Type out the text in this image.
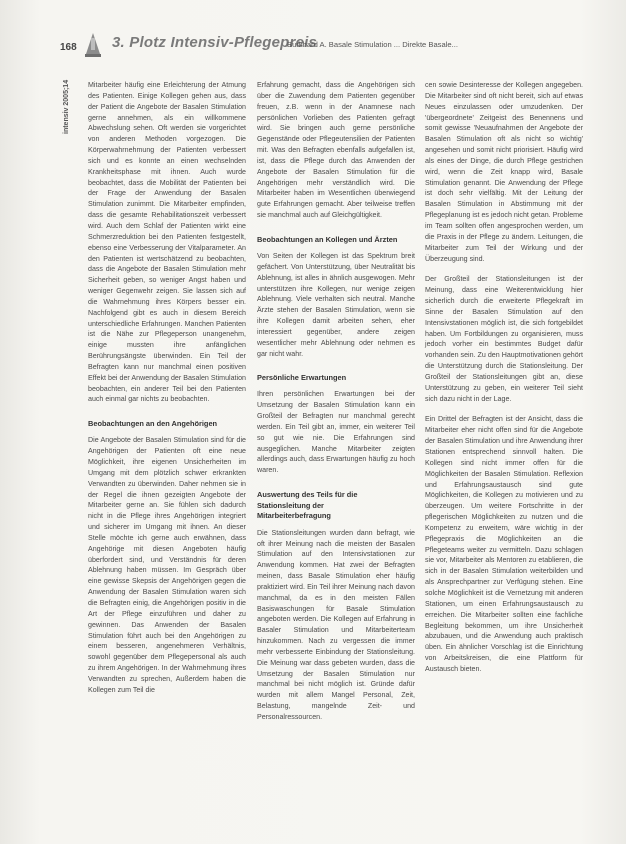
168 3. Plotz Intensiv-Pflegepreis
Burkhard A. Basale Stimulation ... Direkte Basale...
intensiv 2005;14	Mitarbeiter häufig eine Erleichterung der Atmung des Patienten. Einige Kollegen gehen aus, dass der Patient die Angebote der Basalen Stimulation gerne annehmen, als ein willkommene Abwechslung sehen. Oft werden sie vorgerichtet von anderen Methoden vorgezogen. Die Körperwahrnehmung der Patienten verbessert sich und es konnte an einen wechselnden Krankheitsphase mit ihnen. Auch wurde beobachtet, dass die Mobilität der Patienten bei der Frage der Anwendung der Basalen Stimulation zunimmt. Die Mitarbeiter empfinden, dass die gesamte Rehabilitationszeit verbessert wird. Auch dem Schlaf der Patienten wirkt eine Schmerzreduktion bei den Patienten festgestellt, ebenso eine Verbesserung der Vitalparameter. An den Patienten ist wertschätzend zu beobachten, dass die Angebote der Basalen Stimulation mehr Sicherheit geben, so weniger Angst haben und weniger Gegenwehr zeigen. Sie lassen sich auf die Wahrnehmung ihres Körpers besser ein. Nachfolgend gibt es auch in diesem Bereich unterschiedliche Erfahrungen. Manchen Patienten ist die Nähe zur Pflegeperson unangenehm, einige mussten ihre anfänglichen Berührungsängste überwinden. Ein Teil der Befragten kann nur manchmal einen positiven Effekt bei der Anwendung der Basalen Stimulation beobachten, ein anderer Teil bei den Patienten auch einmal gar nichts zu beobachten.

Beobachtungen an den Angehörigen

Die Angebote der Basalen Stimulation sind für die Angehörigen der Patienten oft eine neue Möglichkeit, ihre eigenen Unsicherheiten im Umgang mit dem plötzlich schwer erkrankten Verwandten zu überwinden. Daher nehmen sie in der Regel die ihnen gezeigten Angebote der Mitarbeiter gerne an. Sie fühlen sich dadurch nicht in die Pflege ihres Angehörigen integriert und sicherer im Umgang mit ihnen. An dieser Stelle möchte ich gerne auch erwähnen, dass Angehörige mit diesen Angeboten häufig überfordert sind, und Verständnis für deren Ablehnung haben müssen. Im Gespräch über eine gewisse Skepsis der Angehörigen gegen die Anwendung der Basalen Stimulation waren sich die Befragten einig, die Angehörigen positiv in die Art der Pflege einzuführen und daher zu gewinnen. Das Anwenden der Basalen Stimulation führt auch bei den Angehörigen zu einem besseren, angenehmeren Verhältnis, sowohl gegenüber dem Pflegepersonal als auch zu ihrem Angehörigen. In der Wahrnehmung ihres Verwandten zu sprechen, Außerdem haben die Kollegen zum Teil die

Erfahrung gemacht, dass die Angehörigen sich über die Zuwendung dem Patienten gegenüber freuen, z.B. wenn in der Anamnese nach persönlichen Vorlieben des Patienten gefragt wird. Sie bringen auch gerne persönliche Gegenstände oder Pflegeutensilien der Patienten mit. Was den Befragten ebenfalls aufgefallen ist, ist, dass die Pflege durch das Anwenden der Angebote der Basalen Stimulation für die Angehörigen mehr verständlich wird. Die Mitarbeiter haben im Wesentlichen überwiegend gute Erfahrungen gemacht. Aber teilweise treffen sie manchmal auch auf Gleichgültigkeit.

Beobachtungen an Kollegen und Ärzten

Von Seiten der Kollegen ist das Spektrum breit gefächert. Von Unterstützung, über Neutralität bis Ablehnung, ist alles in ähnlich ausgewogen. Mehr unterstützen ihre Kollegen, nur wenige zeigen Ablehnung. Viele verhalten sich neutral. Manche Ärzte stehen der Basalen Stimulation, wenn sie ihre Kollegen damit arbeiten sehen, eher interessiert gegenüber, andere zeigen wesentlicher mehr Ablehnung oder nehmen es gar nicht wahr.

Persönliche Erwartungen

Ihren persönlichen Erwartungen bei der Umsetzung der Basalen Stimulation kann ein Großteil der Befragten nur manchmal gerecht werden. Ein Teil gibt an, immer, ein weiterer Teil so gut wie nie. Die Erfahrungen sind ausgeglichen. Manche Mitarbeiter zeigten allerdings auch, dass Erwartungen häufig zu hoch waren.

Auswertung des Teils für die
Stationsleitung der
Mitarbeiterbefragung

Die Stationsleitungen wurden dann befragt, wie oft ihrer Meinung nach die meisten der Basalen Stimulation auf den Intensivstationen zur Anwendung kommen. Hat zwei der Befragten meinen, dass Basale Stimulation eher häufig praktiziert wird. Ein Teil ihrer Meinung nach davon manchmal, da es in den meisten Fällen Basiswaschungen für Basale Stimulation angeboten werden. Die Kollegen auf Erfahrung in Basaler Stimulation und Mitarbeiterteam hinzukommen. Nach zu vergessen die immer mehr verbesserte Einbindung der Stationsleitung. Die Meinung war dass gebeten wurden, dass die Umsetzung der Basalen Stimulation nur manchmal bei nicht möglich ist. Gründe dafür wurden mit allem Mangel Personal, Zeit, Belastung, mangelnde Zeit- und Personalressourcen.

cen sowie Desinteresse der Kollegen angegeben. Die Mitarbeiter sind oft nicht bereit, sich auf etwas Neues einzulassen oder umzudenken. Der 'übergeordnete' Zeitgeist des Benennens und somit gewisse 'Neuaufnahmen der Angebote der Basalen Stimulation oft als nicht so wichtig' angesehen und somit nicht priorisiert. Häufig wird als eines der Dinge, die durch Pflege gestrichen wird, wenn die Zeit knapp wird, Basale Stimulation genannt. Die Anwendung der Pflege ist doch sehr vielfältig. Mit der Leitung der Basalen Stimulation in Abstimmung mit der Pflegeplanung ist es jedoch nicht getan. Probleme im Team sollten offen angesprochen werden, um die Praxis in der Pflege zu ändern. Leitungen, die Mitarbeiter zum Teil der Wirkung und der Überzeugung sind.

Der Großteil der Stationsleitungen ist der Meinung, dass eine Weiterentwicklung hier sicherlich durch die erweiterte Pflegekraft im Sinne der Basalen Stimulation auf den Intensivstationen möglich ist, die sich fortgebildet haben. Um Fortbildungen zu organisieren, muss jedoch vorher ein bestimmtes Budget dafür vorhanden sein. Zu den Hauptmotivationen gehört die Unterstützung durch die Stationsleitung. Der Großteil der Stationsleitungen gibt an, diese Unterstützung zu geben, ein weiterer Teil sieht sich dazu nicht in der Lage.

Ein Drittel der Befragten ist der Ansicht, dass die Mitarbeiter eher nicht offen sind für die Angebote der Basalen Stimulation und ihre Anwendung ihrer Stationen entsprechend sinnvoll halten. Die Kollegen sind nicht immer offen für die Möglichkeiten der Basalen Stimulation. Reflexion und Erfahrungsaustausch sind gute Möglichkeiten, die Kollegen zu motivieren und zu überzeugen. Um weitere Fortschritte in der pflegerischen Möglichkeiten zu nutzen und die Kompetenz zu erweitern, wäre wichtig in der Pflegepraxis die Möglichkeiten an die Pflegeteams weiter zu vermitteln. Dazu schlagen sie vor, Mitarbeiter als Mentoren zu etablieren, die sich in der Basalen Stimulation weiterbilden und als Ansprechpartner zur Verfügung stehen. Eine solche Möglichkeit ist die Vernetzung mit anderen Stationen, um einen Erfahrungsaustausch zu erreichen. Die Mitarbeiter sollten eine fachliche Begleitung bekommen, um ihre Unsicherheit abzubauen, und die Anwendung auch praktisch üben. Ein ähnlicher Vorschlag ist die Einrichtung von Arbeitskreisen, die eine Plattform für Austausch bieten.
